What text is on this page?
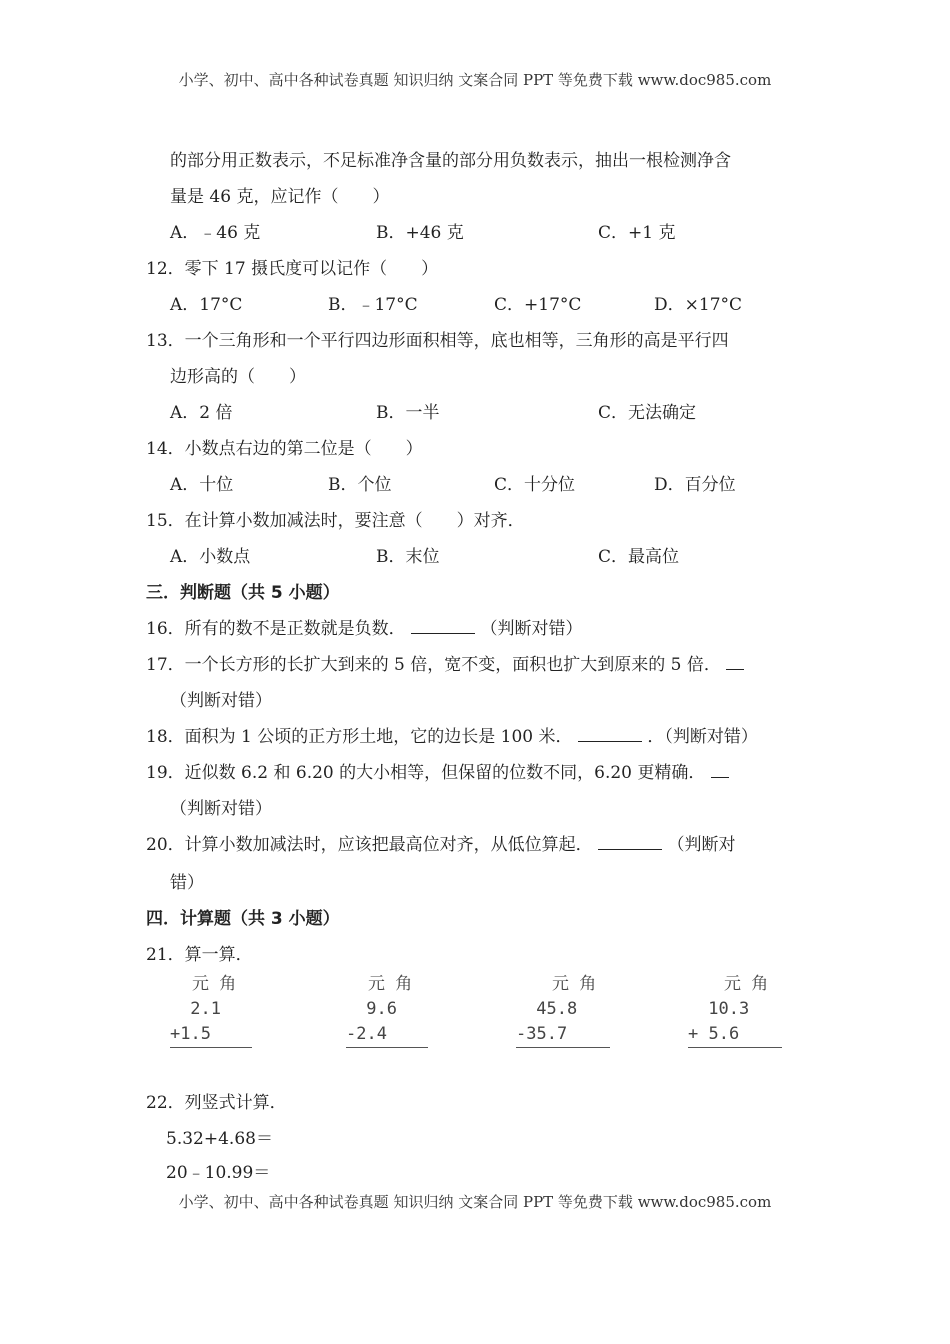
小学、初中、高中各种试卷真题 知识归纳 文案合同 PPT 等免费下载 www.doc985.com
的部分用正数表示，不足标准净含量的部分用负数表示，抽出一根检测净含
量是 46 克，应记作（　　）
A．﹣46 克	B．+46 克	C．+1 克
12．零下 17 摄氏度可以记作（　　）
A．17°C	B．﹣17°C	C．+17°C	D．×17°C
13．一个三角形和一个平行四边形面积相等，底也相等，三角形的高是平行四
边形高的（　　）
A．2 倍	B．一半	C．无法确定
14．小数点右边的第二位是（　　）
A．十位	B．个位	C．十分位	D．百分位
15．在计算小数加减法时，要注意（　　）对齐．
A．小数点	B．末位	C．最高位
三．判断题（共 5 小题）
16．所有的数不是正数就是负数．	（判断对错）
17．一个长方形的长扩大到来的 5 倍，宽不变，面积也扩大到原来的 5 倍．
（判断对错）
18．面积为 1 公顷的正方形土地，它的边长是 100 米．	．（判断对错）
19．近似数 6.2 和 6.20 的大小相等，但保留的位数不同，6.20 更精确．
（判断对错）
20．计算小数加减法时，应该把最高位对齐，从低位算起．	（判断对
错）
四．计算题（共 3 小题）
21．算一算．
元 角
2.1
+1.5
元 角
9.6
-2.4
元 角
45.8
-35.7
元 角
10.3
+ 5.6
22．列竖式计算．
5.32+4.68＝
20﹣10.99＝
小学、初中、高中各种试卷真题 知识归纳 文案合同 PPT 等免费下载 www.doc985.com
